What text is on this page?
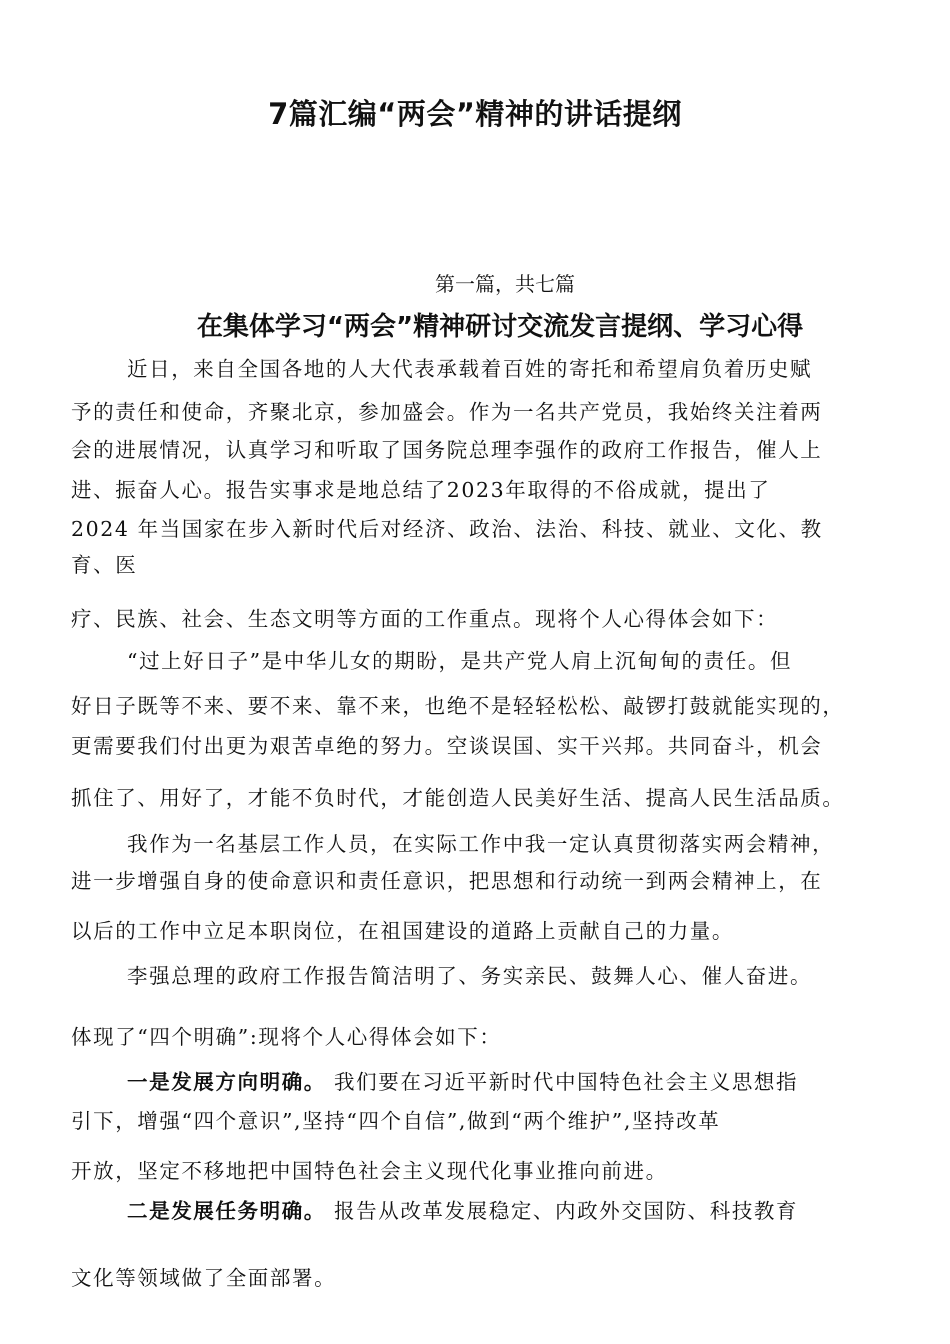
7篇汇编“两会”精神的讲话提纲

第一篇，共七篇

在集体学习“两会”精神研讨交流发言提纲、学习心得

近日，来自全国各地的人大代表承载着百姓的寄托和希望肩负着历史赋

予的责任和使命，齐聚北京，参加盛会。作为一名共产党员，我始终关注着两

会的进展情况，认真学习和听取了国务院总理李强作的政府工作报告，催人上

进、振奋人心。报告实事求是地总结了2023年取得的不俗成就，提出了

2024 年当国家在步入新时代后对经济、政治、法治、科技、就业、文化、教

育、医

疗、民族、社会、生态文明等方面的工作重点。现将个人心得体会如下：

“过上好日子”是中华儿女的期盼，是共产党人肩上沉甸甸的责任。但

好日子既等不来、要不来、靠不来，也绝不是轻轻松松、敲锣打鼓就能实现的，

更需要我们付出更为艰苦卓绝的努力。空谈误国、实干兴邦。共同奋斗，机会

抓住了、用好了，才能不负时代，才能创造人民美好生活、提高人民生活品质。

我作为一名基层工作人员，在实际工作中我一定认真贯彻落实两会精神，

进一步增强自身的使命意识和责任意识，把思想和行动统一到两会精神上，在

以后的工作中立足本职岗位，在祖国建设的道路上贡献自己的力量。

李强总理的政府工作报告简洁明了、务实亲民、鼓舞人心、催人奋进。

体现了“四个明确”:现将个人心得体会如下：

一是发展方向明确。 我们要在习近平新时代中国特色社会主义思想指

引下，增强“四个意识”,坚持“四个自信”,做到“两个维护”,坚持改革

开放，坚定不移地把中国特色社会主义现代化事业推向前进。

二是发展任务明确。 报告从改革发展稳定、内政外交国防、科技教育

文化等领域做了全面部署。
